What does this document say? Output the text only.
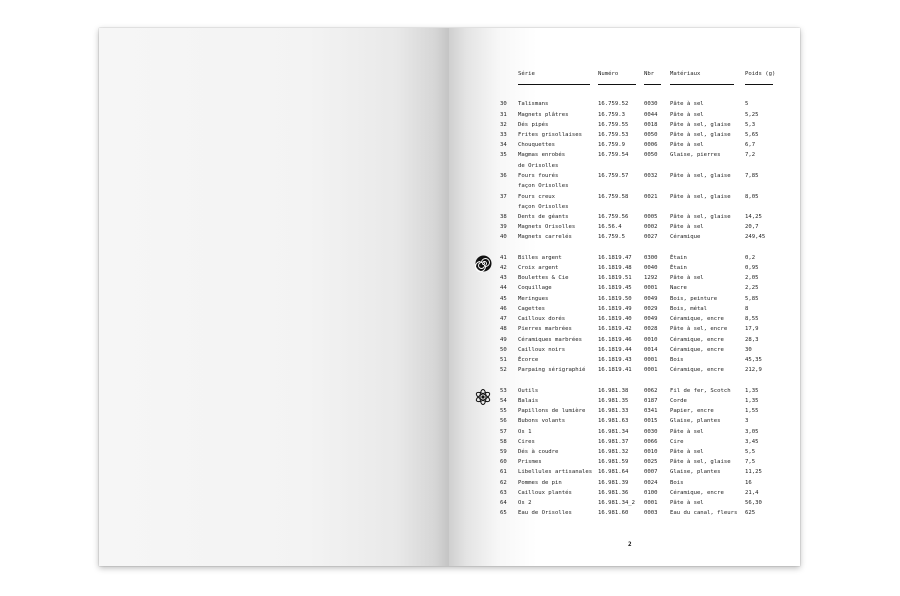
Série	Numéro	Nbr	Matériaux	Poids (g)
30 Talismans	16.759.52	0030 Pâte à sel	5
31 Magnets plâtres	16.759.3	0044 Pâte à sel	5,25
32 Dés pipés	16.759.55	0018 Pâte à sel, glaise	5,3
33 Frites grisollaises	16.759.53	0050 Pâte à sel, glaise	5,65
34 Chouquettes	16.759.9	0006 Pâte à sel	6,7
35 Magmas enrobés	16.759.54	0050 Glaise, pierres	7,2
de Orisolles
36 Fours fourés	16.759.57	0032 Pâte à sel, glaise	7,85
façon Orisolles
37 Fours creux	16.759.58	0021 Pâte à sel, glaise	8,05
façon Orisolles
38 Dents de géants	16.759.56	0005 Pâte à sel, glaise	14,25
39 Magnets Orisolles	16.56.4	0002 Pâte à sel	20,7
40 Magnets carrelés	16.759.5	0027 Céramique	249,45
41 Billes argent	16.1819.47 0300 Étain	0,2
42 Croix argent	16.1819.48 0040 Étain	0,95
43 Boulettes & Cie	16.1819.51 1292 Pâte à sel	2,05
44 Coquillage	16.1819.45 0001 Nacre	2,25
45 Meringues	16.1819.50 0049 Bois, peinture	5,85
46 Cagettes	16.1819.49 0029 Bois, métal	8
47 Cailloux dorés	16.1819.40 0049 Céramique, encre	8,55
48 Pierres marbrées	16.1819.42 0028 Pâte à sel, encre	17,9
49 Céramiques marbrées	16.1819.46 0010 Céramique, encre	28,3
50 Cailloux noirs	16.1819.44 0014 Céramique, encre	30
51 Écorce	16.1819.43 0001 Bois	45,35
52 Parpaing sérigraphié 16.1819.41 0001 Céramique, encre	212,9
53 Outils	16.981.38	0062 Fil de fer, Scotch	1,35
54 Balais	16.981.35	0187 Corde	1,35
55 Papillons de lumière 16.981.33	0341 Papier, encre	1,55
56 Bubons volants	16.981.63	0015 Glaise, plantes	3
57 Os 1	16.981.34	0030 Pâte à sel	3,05
58 Cires	16.981.37	0066 Cire	3,45
59 Dés à coudre	16.981.32	0010 Pâte à sel	5,5
60 Prismes	16.981.59	0025 Pâte à sel, glaise	7,5
61 Libellules artisanales 16.981.64	0007 Glaise, plantes	11,25
62 Pommes de pin	16.981.39	0024 Bois	16
63 Cailloux plantés	16.981.36	0100 Céramique, encre	21,4
64 Os 2	16.981.34_2 0001 Pâte à sel	56,30
65 Eau de Orisolles	16.981.60	0003 Eau du canal, fleurs 625
2
